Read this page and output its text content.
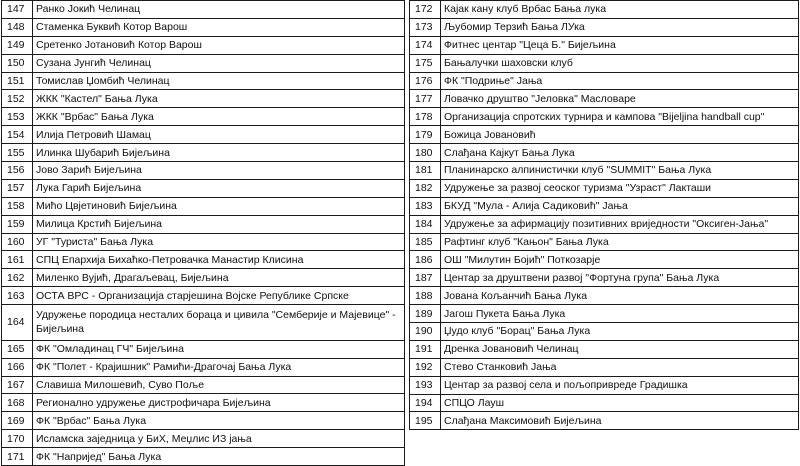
147	Ранко Јокић Челинац
148	Стаменка Буквић Котор Варош
149	Сретенко Јотановић Котор Варош
150	Сузана Јунгић Челинац
151	Томислав Џомбић Челинац
152	ЖКК "Кастел" Бања Лука
153	ЖКК "Врбас" Бања Лука
154	Илија Петровић Шамац
155	Илинка Шубарић Бијељина
156	Јово Зарић Бијељина
157	Лука Гарић Бијељина
158	Мићо Цвјетиновић Бијељина
159	Милица Крстић Бијељина
160	УГ "Туриста" Бања Лука
161	СПЦ Епархија Бихаћко-Петровачка Манастир Клисина
162	Миленко Вујић, Драгаљевац, Бијељина
163	ОСТА ВРС - Организација старјешина Војске Републике Српске
164	Удружење породица несталих бораца и цивила "Семберије и Мајевице" - Бијељина
165	ФК "Омладинац ГЧ" Бијељина
166	ФК "Полет - Крајишник" Рамићи-Драгочај Бања Лука
167	Славиша Милошевић, Суво Поље
168	Регионално удружење дистрофичара Бијељина
169	ФК "Врбас" Бања Лука
170	Исламска заједница у БиХ, Меџлис ИЗ јања
171	ФК "Напријед" Бања Лука
172	Кајак кану клуб Врбас Бања лука
173	Љубомир Терзић Бања ЛУка
174	Фитнес центар "Цеца Б." Бијељина
175	Бањалучки шаховски клуб
176	ФК "Подриње" Јања
177	Ловачко друштво "Јеловка" Масловаре
178	Организација спротских турнира и кампова "Bijeljina handball cup"
179	Божица Јовановић
180	Слађана Кајкут Бања Лука
181	Планинарско алпинистички клуб "SUMMIT" Бања Лука
182	Удружење за развој сеоског туризма "Узраст" Лакташи
183	БКУД "Мула - Алија Садиковић" Јања
184	Удружење за афирмацију позитивних вриједности "Оксиген-Јања"
185	Рафтинг клуб "Кањон" Бања Лука
186	ОШ "Милутин Бојић" Поткозарје
187	Центар за друштвени развој "Фортуна група" Бања Лука
188	Јована Кољанчић Бања Лука
189	Јагош Пукета Бања Лука
190	Џудо клуб "Борац" Бања Лука
191	Дренка Јовановић Челинац
192	Стево Станковић Јања
193	Центар за развој села и пољопривреде Градишка
194	СПЦО Лауш
195	Слађана Максимовић Бијељина
